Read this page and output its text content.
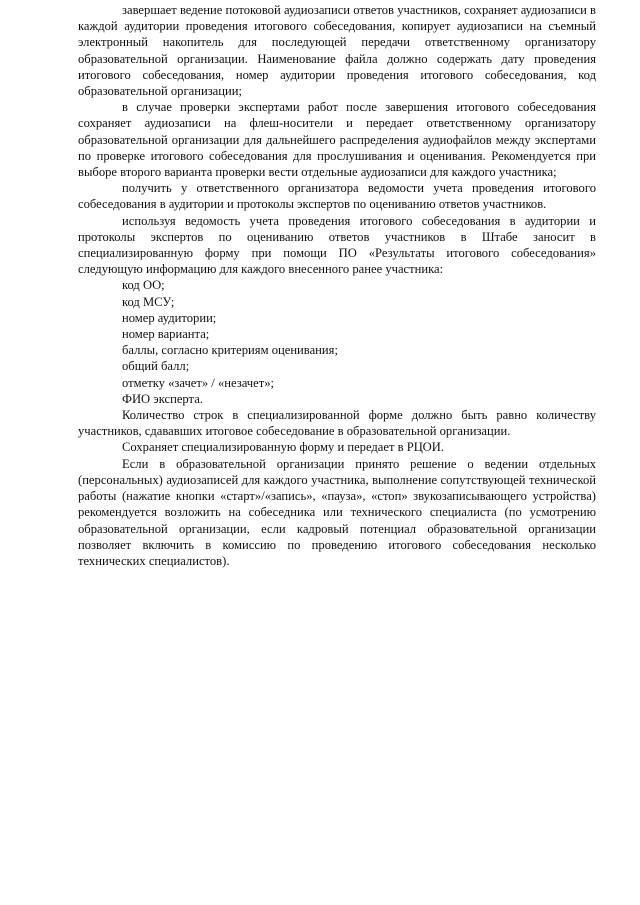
завершает ведение потоковой аудиозаписи ответов участников, сохраняет аудиозаписи в каждой аудитории проведения итогового собеседования, копирует аудиозаписи на съемный электронный накопитель для последующей передачи ответственному организатору образовательной организации. Наименование файла должно содержать дату проведения итогового собеседования, номер аудитории проведения итогового собеседования, код образовательной организации;

в случае проверки экспертами работ после завершения итогового собеседования сохраняет аудиозаписи на флеш-носители и передает ответственному организатору образовательной организации для дальнейшего распределения аудиофайлов между экспертами по проверке итогового собеседования для прослушивания и оценивания. Рекомендуется при выборе второго варианта проверки вести отдельные аудиозаписи для каждого участника;

получить у ответственного организатора ведомости учета проведения итогового собеседования в аудитории и протоколы экспертов по оцениванию ответов участников.

используя ведомость учета проведения итогового собеседования в аудитории и протоколы экспертов по оцениванию ответов участников в Штабе заносит в специализированную форму при помощи ПО «Результаты итогового собеседования» следующую информацию для каждого внесенного ранее участника:

код ОО;

код МСУ;

номер аудитории;

номер варианта;

баллы, согласно критериям оценивания;

общий балл;

отметку «зачет» / «незачет»;

ФИО эксперта.

Количество строк в специализированной форме должно быть равно количеству участников, сдававших итоговое собеседование в образовательной организации.

Сохраняет специализированную форму и передает в РЦОИ.

Если в образовательной организации принято решение о ведении отдельных (персональных) аудиозаписей для каждого участника, выполнение сопутствующей технической работы (нажатие кнопки «старт»/«запись», «пауза», «стоп» звукозаписывающего устройства) рекомендуется возложить на собеседника или технического специалиста (по усмотрению образовательной организации, если кадровый потенциал образовательной организации позволяет включить в комиссию по проведению итогового собеседования несколько технических специалистов).
